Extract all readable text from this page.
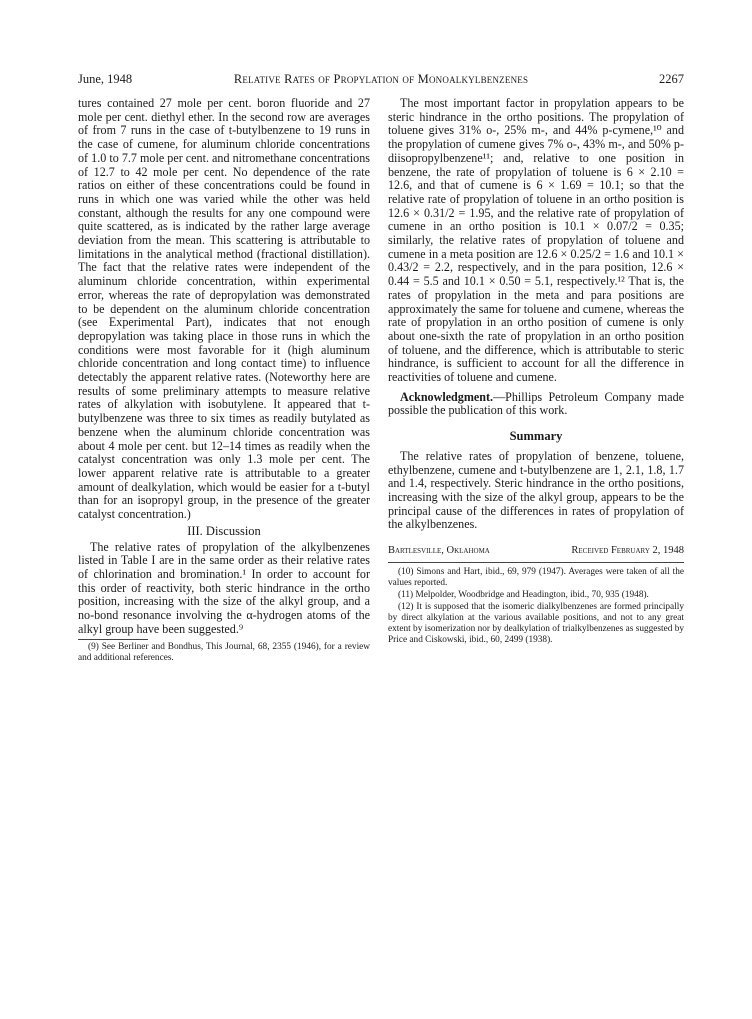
June, 1948	Relative Rates of Propylation of Monoalkylbenzenes	2267

tures contained 27 mole per cent. boron fluoride and 27 mole per cent. diethyl ether. In the second row are averages of from 7 runs in the case of t-butylbenzene to 19 runs in the case of cumene, for aluminum chloride concentrations of 1.0 to 7.7 mole per cent. and nitromethane concentrations of 12.7 to 42 mole per cent. No dependence of the rate ratios on either of these concentrations could be found in runs in which one was varied while the other was held constant, although the results for any one compound were quite scattered, as is indicated by the rather large average deviation from the mean. This scattering is attributable to limitations in the analytical method (fractional distillation). The fact that the relative rates were independent of the aluminum chloride concentration, within experimental error, whereas the rate of depropylation was demonstrated to be dependent on the aluminum chloride concentration (see Experimental Part), indicates that not enough depropylation was taking place in those runs in which the conditions were most favorable for it (high aluminum chloride concentration and long contact time) to influence detectably the apparent relative rates. (Noteworthy here are results of some preliminary attempts to measure relative rates of alkylation with isobutylene. It appeared that t-butylbenzene was three to six times as readily butylated as benzene when the aluminum chloride concentration was about 4 mole per cent. but 12–14 times as readily when the catalyst concentration was only 1.3 mole per cent. The lower apparent relative rate is attributable to a greater amount of dealkylation, which would be easier for a t-butyl than for an isopropyl group, in the presence of the greater catalyst concentration.)

III. Discussion

The relative rates of propylation of the alkylbenzenes listed in Table I are in the same order as their relative rates of chlorination and bromination.¹ In order to account for this order of reactivity, both steric hindrance in the ortho position, increasing with the size of the alkyl group, and a no-bond resonance involving the α-hydrogen atoms of the alkyl group have been suggested.⁹

(9) See Berliner and Bondhus, This Journal, 68, 2355 (1946), for a review and additional references.

The most important factor in propylation appears to be steric hindrance in the ortho positions. The propylation of toluene gives 31% o-, 25% m-, and 44% p-cymene,¹⁰ and the propylation of cumene gives 7% o-, 43% m-, and 50% p-diisopropylbenzene¹¹; and, relative to one position in benzene, the rate of propylation of toluene is 6 × 2.10 = 12.6, and that of cumene is 6 × 1.69 = 10.1; so that the relative rate of propylation of toluene in an ortho position is 12.6 × 0.31/2 = 1.95, and the relative rate of propylation of cumene in an ortho position is 10.1 × 0.07/2 = 0.35; similarly, the relative rates of propylation of toluene and cumene in a meta position are 12.6 × 0.25/2 = 1.6 and 10.1 × 0.43/2 = 2.2, respectively, and in the para position, 12.6 × 0.44 = 5.5 and 10.1 × 0.50 = 5.1, respectively.¹² That is, the rates of propylation in the meta and para positions are approximately the same for toluene and cumene, whereas the rate of propylation in an ortho position of cumene is only about one-sixth the rate of propylation in an ortho position of toluene, and the difference, which is attributable to steric hindrance, is sufficient to account for all the difference in reactivities of toluene and cumene.

Acknowledgment.—Phillips Petroleum Company made possible the publication of this work.

Summary

The relative rates of propylation of benzene, toluene, ethylbenzene, cumene and t-butylbenzene are 1, 2.1, 1.8, 1.7 and 1.4, respectively. Steric hindrance in the ortho positions, increasing with the size of the alkyl group, appears to be the principal cause of the differences in rates of propylation of the alkylbenzenes.

Bartlesville, Oklahoma	Received February 2, 1948

(10) Simons and Hart, ibid., 69, 979 (1947). Averages were taken of all the values reported.

(11) Melpolder, Woodbridge and Headington, ibid., 70, 935 (1948).

(12) It is supposed that the isomeric dialkylbenzenes are formed principally by direct alkylation at the various available positions, and not to any great extent by isomerization nor by dealkylation of trialkylbenzenes as suggested by Price and Ciskowski, ibid., 60, 2499 (1938).
